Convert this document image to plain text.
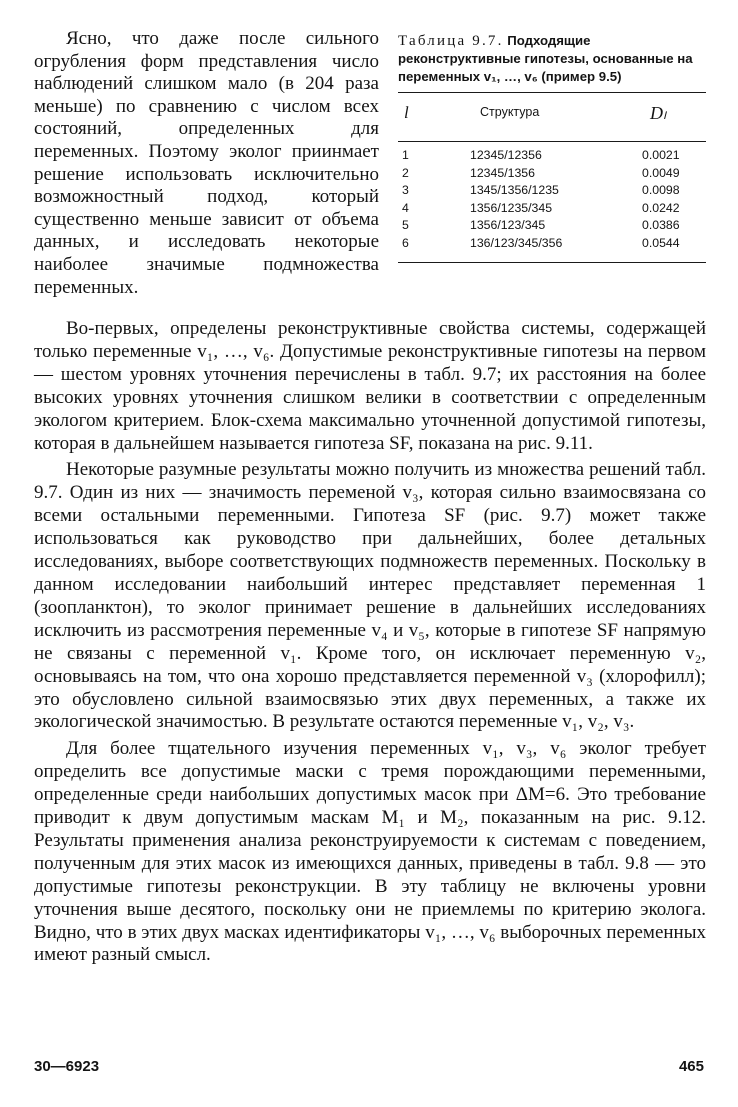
Ясно, что даже после сильного огрубления форм представления число наблюдений слишком мало (в 204 раза меньше) по сравнению с числом всех состояний, определенных для переменных. Поэтому эколог приинмает решение использовать исключительно возможностный подход, который существенно меньше зависит от объема данных, и исследовать некоторые наиболее значимые подмножества переменных.

Таблица 9.7. Подходящие реконструктивные гипотезы, основанные на переменных v₁, …, v₆ (пример 9.5)
l	Структура	Dₗ
1	12345/12356	0.0021
2	12345/1356	0.0049
3	1345/1356/1235	0.0098
4	1356/1235/345	0.0242
5	1356/123/345	0.0386
6	136/123/345/356	0.0544

Во-первых, определены реконструктивные свойства системы, содержащей только переменные v₁, …, v₆. Допустимые реконструктивные гипотезы на первом — шестом уровнях уточнения перечислены в табл. 9.7; их расстояния на более высоких уровнях уточнения слишком велики в соответствии с определенным экологом критерием. Блок-схема максимально уточненной допустимой гипотезы, которая в дальнейшем называется гипотеза SF, показана на рис. 9.11.

Некоторые разумные результаты можно получить из множества решений табл. 9.7. Один из них — значимость переменой v₃, которая сильно взаимосвязана со всеми остальными переменными. Гипотеза SF (рис. 9.7) может также использоваться как руководство при дальнейших, более детальных исследованиях, выборе соответствующих подмножеств переменных. Поскольку в данном исследовании наибольший интерес представляет переменная 1 (зоопланктон), то эколог принимает решение в дальнейших исследованиях исключить из рассмотрения переменные v₄ и v₅, которые в гипотезе SF напрямую не связаны с переменной v₁. Кроме того, он исключает переменную v₂, основываясь на том, что она хорошо представляется переменной v₃ (хлорофилл); это обусловлено сильной взаимосвязью этих двух переменных, а также их экологической значимостью. В результате остаются переменные v₁, v₂, v₃.

Для более тщательного изучения переменных v₁, v₃, v₆ эколог требует определить все допустимые маски с тремя порождающими переменными, определенные среди наибольших допустимых масок при ΔM=6. Это требование приводит к двум допустимым маскам M₁ и M₂, показанным на рис. 9.12. Результаты применения анализа реконструируемости к системам с поведением, полученным для этих масок из имеющихся данных, приведены в табл. 9.8 — это допустимые гипотезы реконструкции. В эту таблицу не включены уровни уточнения выше десятого, поскольку они не приемлемы по критерию эколога. Видно, что в этих двух масках идентификаторы v₁, …, v₆ выборочных переменных имеют разный смысл.

30—6923	465
